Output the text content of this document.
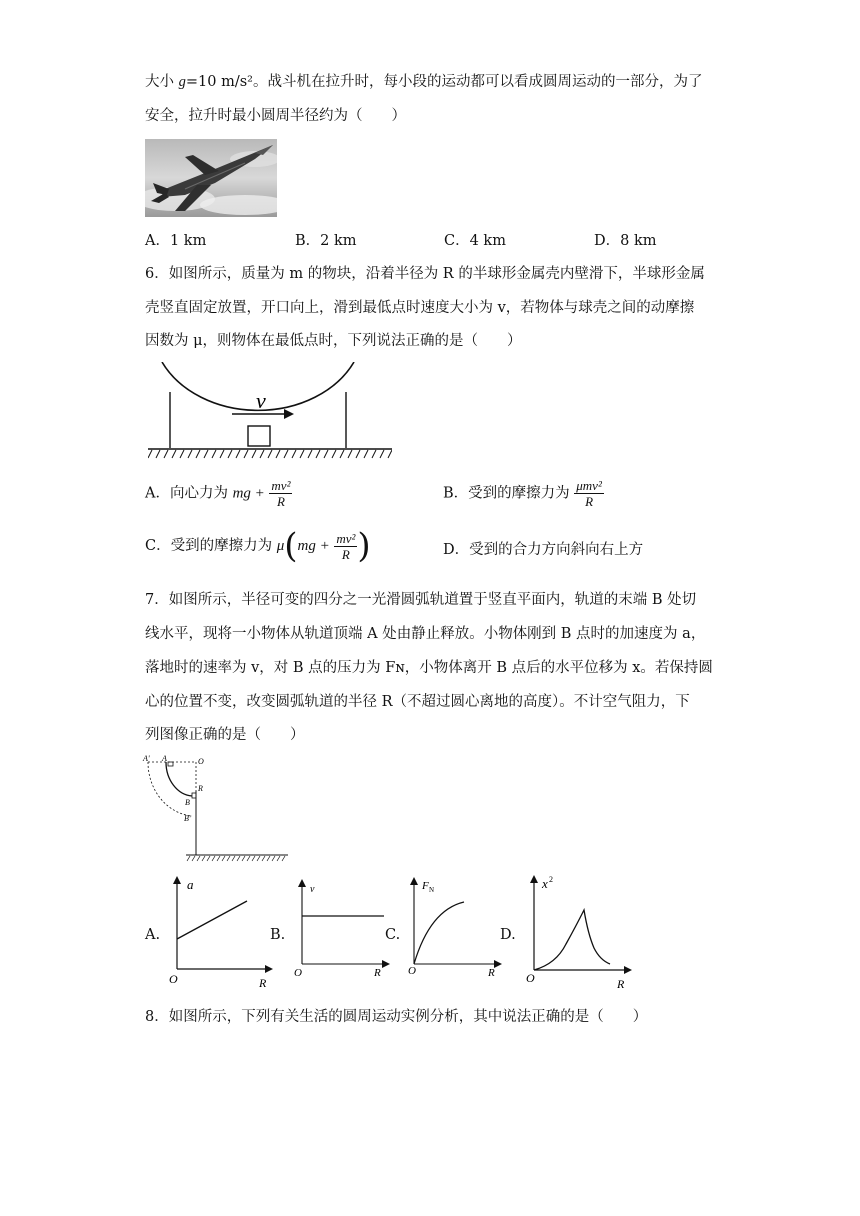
大小 g=10 m/s²。战斗机在拉升时，每小段的运动都可以看成圆周运动的一部分，为了
安全，拉升时最小圆周半径约为（　　）
A．1 km	B．2 km	C．4 km	D．8 km
6．如图所示，质量为 m 的物块，沿着半径为 R 的半球形金属壳内壁滑下，半球形金属
壳竖直固定放置，开口向上，滑到最低点时速度大小为 v，若物体与球壳之间的动摩擦
因数为 μ，则物体在最低点时，下列说法正确的是（　　）
v
A．向心力为 mg + $\frac{\text{mv²}}{R}$	B．受到的摩擦力为 $\frac{\text{μmv²}}{R}$
C．受到的摩擦力为 $\mu(mg + \frac{\text{mv²}}{R}$ )	D．受到的合力方向斜向右上方
7．如图所示，半径可变的四分之一光滑圆弧轨道置于竖直平面内，轨道的末端 B 处切
线水平，现将一小物体从轨道顶端 A 处由静止释放。小物体刚到 B 点时的加速度为 a，
落地时的速率为 v，对 B 点的压力为 Fɴ，小物体离开 B 点后的水平位移为 x。若保持圆
心的位置不变，改变圆弧轨道的半径 R（不超过圆心离地的高度）。不计空气阻力，下
列图像正确的是（　　）
A' A	O
R
B
B'
A.
a
R
O
B.
v
R
O
C.
F N
R
O
D.
x 2
R
O
8．如图所示，下列有关生活的圆周运动实例分析，其中说法正确的是（　　）
